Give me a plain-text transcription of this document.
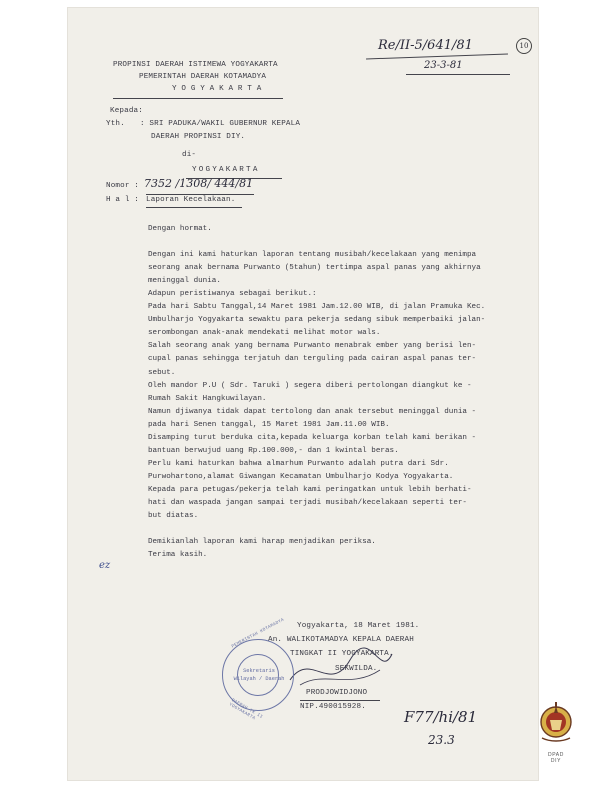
Re/II-5/641/81
23-3-81
10
PROPINSI DAERAH ISTIMEWA YOGYAKARTA
PEMERINTAH DAERAH KOTAMADYA
Y O G Y A K A R T A
Kepada:
Yth. : SRI PADUKA/WAKIL GUBERNUR KEPALA
DAERAH PROPINSI DIY.
di-
YOGYAKARTA
Nomor : 7352 /1308/ 444/81
H a l : Laporan Kecelakaan.
Dengan hormat.
Dengan ini kami haturkan laporan tentang musibah/kecelakaan yang menimpa
seorang anak bernama Purwanto (5tahun) tertimpa aspal panas yang akhirnya
meninggal dunia.
Adapun peristiwanya sebagai berikut.:
Pada hari Sabtu Tanggal,14 Maret 1981 Jam.12.00 WIB, di jalan Pramuka Kec.
Umbulharjo Yogyakarta sewaktu para pekerja sedang sibuk memperbaiki jalan-
serombongan anak-anak mendekati melihat motor wals.
Salah seorang anak yang bernama Purwanto menabrak ember yang berisi len-
cupal panas sehingga terjatuh dan terguling pada cairan aspal panas ter-
sebut.
Oleh mandor P.U ( Sdr. Taruki ) segera diberi pertolongan diangkut ke -
Rumah Sakit Hangkuwilayan.
Namun djiwanya tidak dapat tertolong dan anak tersebut meninggal dunia -
pada hari Senen tanggal, 15 Maret 1981 Jam.11.00 WIB.
Disamping turut berduka cita,kepada keluarga korban telah kami berikan -
bantuan berwujud uang Rp.100.000,- dan 1 kwintal beras.
Perlu kami haturkan bahwa almarhum Purwanto adalah putra dari Sdr.
Purwohartono,alamat Giwangan Kecamatan Umbulharjo Kodya Yogyakarta.
Kepada para petugas/pekerja telah kami peringatkan untuk lebih berhati-
hati dan waspada jangan sampai terjadi musibah/kecelakaan seperti ter-
but diatas.
Demikianlah laporan kami harap menjadikan periksa.
Terima kasih.
ez
Yogyakarta, 18 Maret 1981.
An. WALIKOTAMADYA KEPALA DAERAH
TINGKAT II YOGYAKARTA.
SEKWILDA.
PEMERINTAH KOTAMADYA
DAERAH TK II YOGYAKARTA
Sekretaris
Wilayah / Daerah
PRODJOWIDJONO
NIP.490015928.
F77/hi/81
23.3
DPAD
DIY
